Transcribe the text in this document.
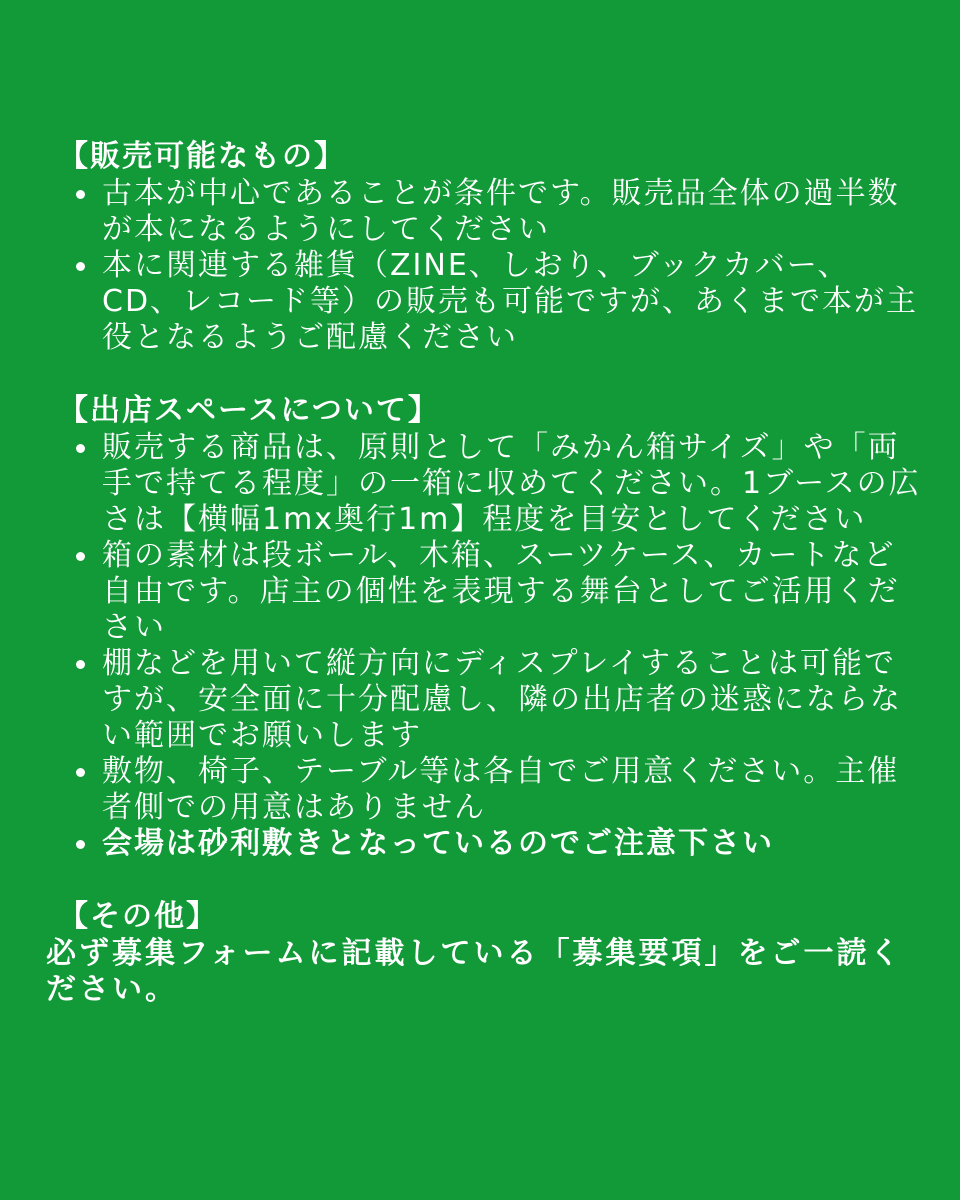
【販売可能なもの】
古本が中心であることが条件です。販売品全体の過半数が本になるようにしてください
本に関連する雑貨（ZINE、しおり、ブックカバー、CD、レコード等）の販売も可能ですが、あくまで本が主役となるようご配慮ください
【出店スペースについて】
販売する商品は、原則として「みかん箱サイズ」や「両手で持てる程度」の一箱に収めてください。1ブースの広さは【横幅1mx奥行1m】程度を目安としてください
箱の素材は段ボール、木箱、スーツケース、カートなど自由です。店主の個性を表現する舞台としてご活用ください
棚などを用いて縦方向にディスプレイすることは可能ですが、安全面に十分配慮し、隣の出店者の迷惑にならない範囲でお願いします
敷物、椅子、テーブル等は各自でご用意ください。主催者側での用意はありません
会場は砂利敷きとなっているのでご注意下さい
【その他】

必ず募集フォームに記載している「募集要項」をご一読ください。
